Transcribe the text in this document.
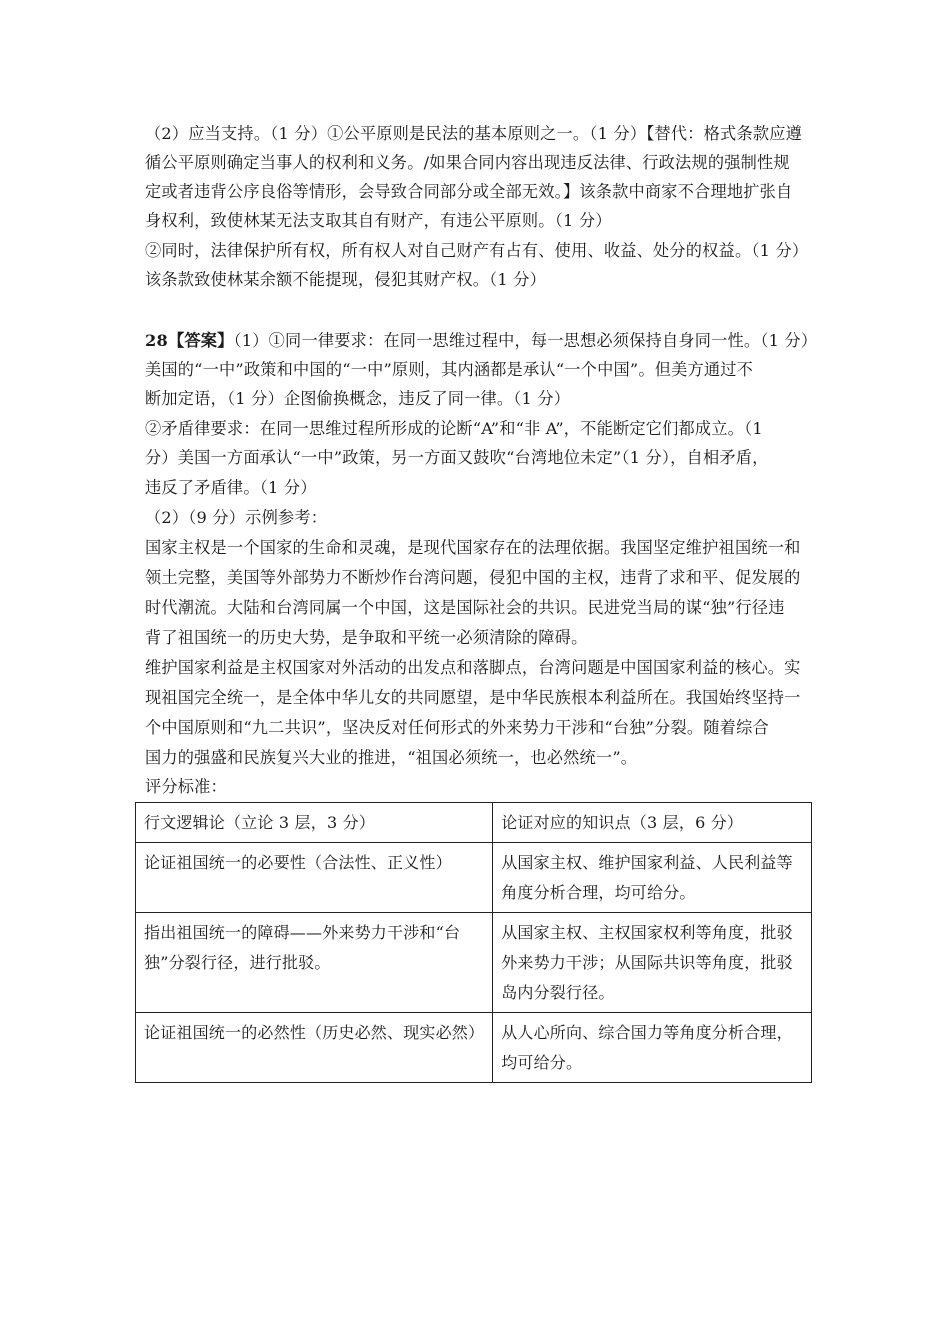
（2）应当支持。（1 分）①公平原则是民法的基本原则之一。（1 分）【替代：格式条款应遵
循公平原则确定当事人的权利和义务。/如果合同内容出现违反法律、行政法规的强制性规
定或者违背公序良俗等情形，会导致合同部分或全部无效。】该条款中商家不合理地扩张自
身权利，致使林某无法支取其自有财产，有违公平原则。（1 分）
②同时，法律保护所有权，所有权人对自己财产有占有、使用、收益、处分的权益。（1 分）
该条款致使林某余额不能提现，侵犯其财产权。（1 分）
28【答案】（1）①同一律要求：在同一思维过程中，每一思想必须保持自身同一性。（1 分）
美国的“一中”政策和中国的“一中”原则，其内涵都是承认“一个中国”。但美方通过不
断加定语，（1 分）企图偷换概念，违反了同一律。（1 分）
②矛盾律要求：在同一思维过程所形成的论断“A”和“非 A”，不能断定它们都成立。（1
分）美国一方面承认“一中”政策，另一方面又鼓吹“台湾地位未定”（1 分），自相矛盾，
违反了矛盾律。（1 分）
（2）（9 分）示例参考：
国家主权是一个国家的生命和灵魂，是现代国家存在的法理依据。我国坚定维护祖国统一和
领土完整，美国等外部势力不断炒作台湾问题，侵犯中国的主权，违背了求和平、促发展的
时代潮流。大陆和台湾同属一个中国，这是国际社会的共识。民进党当局的谋“独”行径违
背了祖国统一的历史大势，是争取和平统一必须清除的障碍。
维护国家利益是主权国家对外活动的出发点和落脚点，台湾问题是中国国家利益的核心。实
现祖国完全统一，是全体中华儿女的共同愿望，是中华民族根本利益所在。我国始终坚持一
个中国原则和“九二共识”，坚决反对任何形式的外来势力干涉和“台独”分裂。随着综合
国力的强盛和民族复兴大业的推进，“祖国必须统一，也必然统一”。
评分标准：
行文逻辑论（立论 3 层，3 分）	论证对应的知识点（3 层，6 分）

论证祖国统一的必要性（合法性、正义性）	从国家主权、维护国家利益、人民利益等
角度分析合理，均可给分。

指出祖国统一的障碍——外来势力干涉和“台
独”分裂行径，进行批驳。	从国家主权、主权国家权利等角度，批驳
外来势力干涉；从国际共识等角度，批驳
岛内分裂行径。

论证祖国统一的必然性（历史必然、现实必然）	从人心所向、综合国力等角度分析合理，
均可给分。
